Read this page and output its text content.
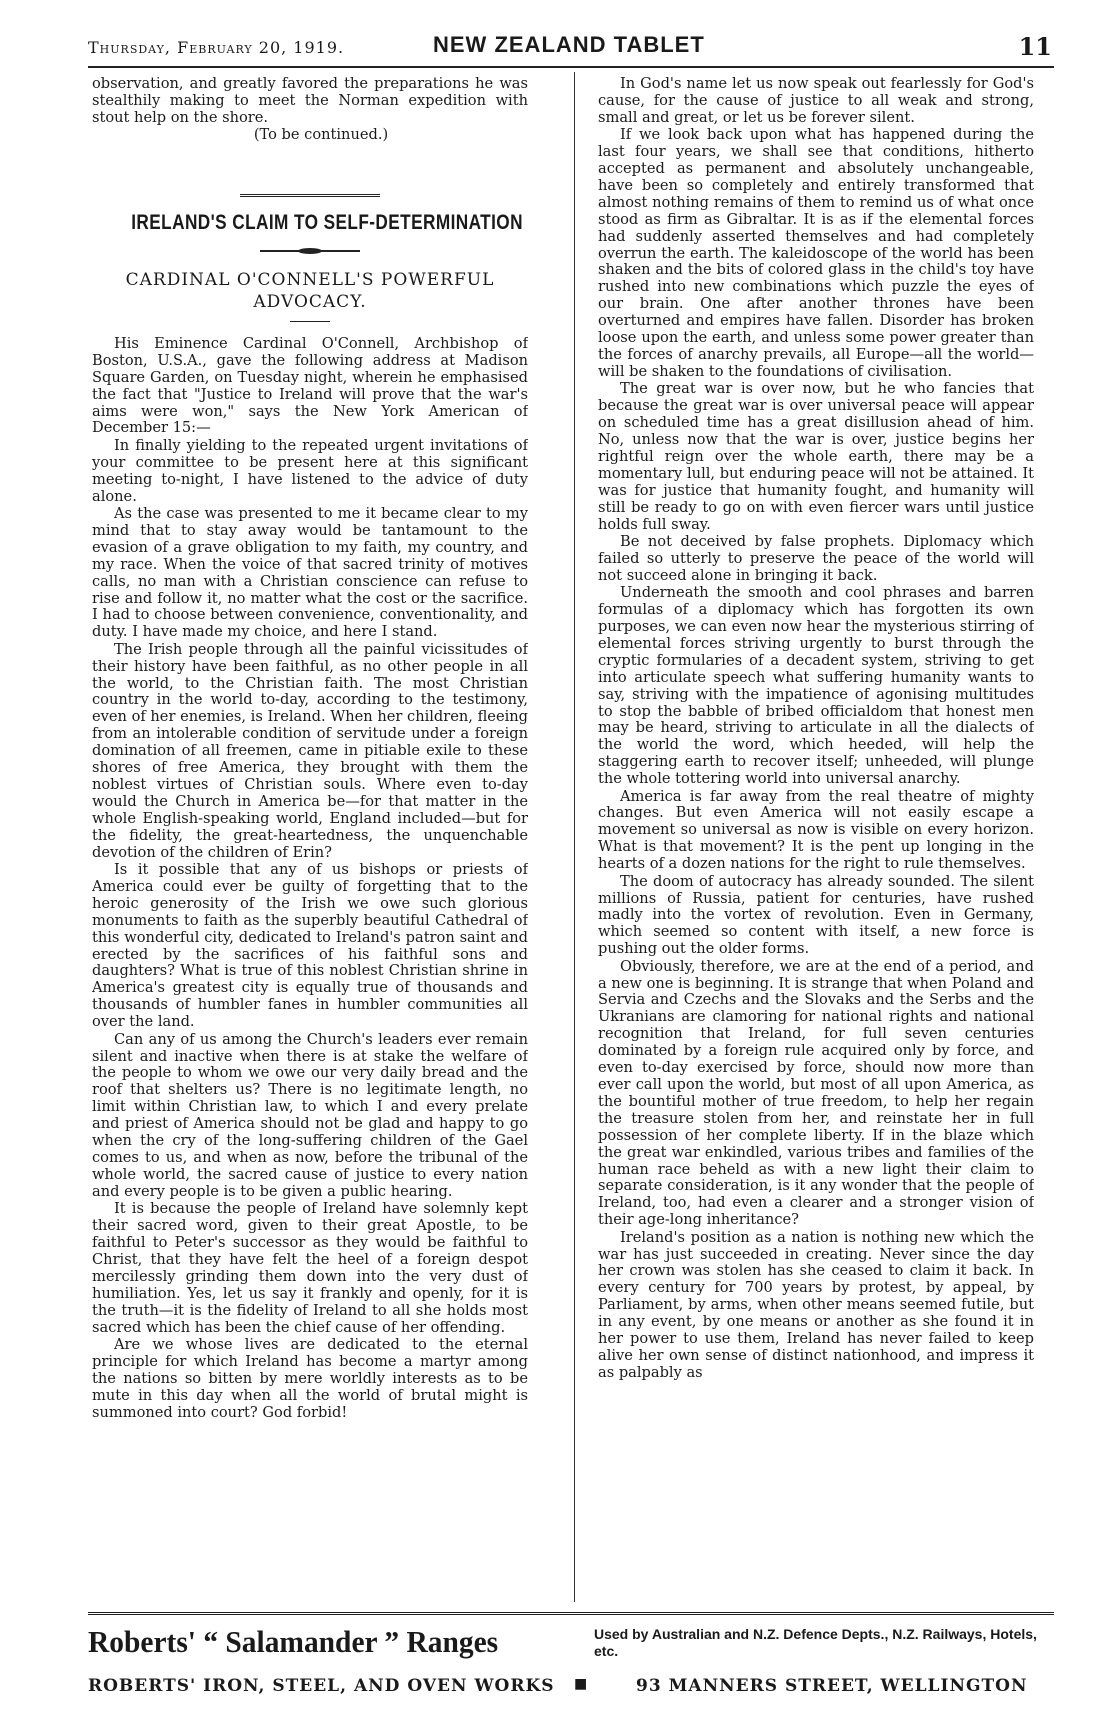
Thursday, February 20, 1919.	NEW ZEALAND TABLET	11

observation, and greatly favored the preparations he was stealthily making to meet the Norman expedition with stout help on the shore.

(To be continued.)

IRELAND'S CLAIM TO SELF-DETERMINATION
CARDINAL O'CONNELL'S POWERFUL ADVOCACY.

His Eminence Cardinal O'Connell, Archbishop of Boston, U.S.A., gave the following address at Madison Square Garden, on Tuesday night, wherein he emphasised the fact that "Justice to Ireland will prove that the war's aims were won," says the New York American of December 15:—

In finally yielding to the repeated urgent invitations of your committee to be present here at this significant meeting to-night, I have listened to the advice of duty alone.

As the case was presented to me it became clear to my mind that to stay away would be tantamount to the evasion of a grave obligation to my faith, my country, and my race. When the voice of that sacred trinity of motives calls, no man with a Christian conscience can refuse to rise and follow it, no matter what the cost or the sacrifice. I had to choose between convenience, conventionality, and duty. I have made my choice, and here I stand.

The Irish people through all the painful vicissitudes of their history have been faithful, as no other people in all the world, to the Christian faith. The most Christian country in the world to-day, according to the testimony, even of her enemies, is Ireland. When her children, fleeing from an intolerable condition of servitude under a foreign domination of all freemen, came in pitiable exile to these shores of free America, they brought with them the noblest virtues of Christian souls. Where even to-day would the Church in America be—for that matter in the whole English-speaking world, England included—but for the fidelity, the great-heartedness, the unquenchable devotion of the children of Erin?

Is it possible that any of us bishops or priests of America could ever be guilty of forgetting that to the heroic generosity of the Irish we owe such glorious monuments to faith as the superbly beautiful Cathedral of this wonderful city, dedicated to Ireland's patron saint and erected by the sacrifices of his faithful sons and daughters? What is true of this noblest Christian shrine in America's greatest city is equally true of thousands and thousands of humbler fanes in humbler communities all over the land.

Can any of us among the Church's leaders ever remain silent and inactive when there is at stake the welfare of the people to whom we owe our very daily bread and the roof that shelters us? There is no legitimate length, no limit within Christian law, to which I and every prelate and priest of America should not be glad and happy to go when the cry of the long-suffering children of the Gael comes to us, and when as now, before the tribunal of the whole world, the sacred cause of justice to every nation and every people is to be given a public hearing.

It is because the people of Ireland have solemnly kept their sacred word, given to their great Apostle, to be faithful to Peter's successor as they would be faithful to Christ, that they have felt the heel of a foreign despot mercilessly grinding them down into the very dust of humiliation. Yes, let us say it frankly and openly, for it is the truth—it is the fidelity of Ireland to all she holds most sacred which has been the chief cause of her offending.

Are we whose lives are dedicated to the eternal principle for which Ireland has become a martyr among the nations so bitten by mere worldly interests as to be mute in this day when all the world of brutal might is summoned into court? God forbid!

In God's name let us now speak out fearlessly for God's cause, for the cause of justice to all weak and strong, small and great, or let us be forever silent.

If we look back upon what has happened during the last four years, we shall see that conditions, hitherto accepted as permanent and absolutely unchangeable, have been so completely and entirely transformed that almost nothing remains of them to remind us of what once stood as firm as Gibraltar. It is as if the elemental forces had suddenly asserted themselves and had completely overrun the earth. The kaleidoscope of the world has been shaken and the bits of colored glass in the child's toy have rushed into new combinations which puzzle the eyes of our brain. One after another thrones have been overturned and empires have fallen. Disorder has broken loose upon the earth, and unless some power greater than the forces of anarchy prevails, all Europe—all the world—will be shaken to the foundations of civilisation.

The great war is over now, but he who fancies that because the great war is over universal peace will appear on scheduled time has a great disillusion ahead of him. No, unless now that the war is over, justice begins her rightful reign over the whole earth, there may be a momentary lull, but enduring peace will not be attained. It was for justice that humanity fought, and humanity will still be ready to go on with even fiercer wars until justice holds full sway.

Be not deceived by false prophets. Diplomacy which failed so utterly to preserve the peace of the world will not succeed alone in bringing it back.

Underneath the smooth and cool phrases and barren formulas of a diplomacy which has forgotten its own purposes, we can even now hear the mysterious stirring of elemental forces striving urgently to burst through the cryptic formularies of a decadent system, striving to get into articulate speech what suffering humanity wants to say, striving with the impatience of agonising multitudes to stop the babble of bribed officialdom that honest men may be heard, striving to articulate in all the dialects of the world the word, which heeded, will help the staggering earth to recover itself; unheeded, will plunge the whole tottering world into universal anarchy.

America is far away from the real theatre of mighty changes. But even America will not easily escape a movement so universal as now is visible on every horizon. What is that movement? It is the pent up longing in the hearts of a dozen nations for the right to rule themselves.

The doom of autocracy has already sounded. The silent millions of Russia, patient for centuries, have rushed madly into the vortex of revolution. Even in Germany, which seemed so content with itself, a new force is pushing out the older forms.

Obviously, therefore, we are at the end of a period, and a new one is beginning. It is strange that when Poland and Servia and Czechs and the Slovaks and the Serbs and the Ukranians are clamoring for national rights and national recognition that Ireland, for full seven centuries dominated by a foreign rule acquired only by force, and even to-day exercised by force, should now more than ever call upon the world, but most of all upon America, as the bountiful mother of true freedom, to help her regain the treasure stolen from her, and reinstate her in full possession of her complete liberty. If in the blaze which the great war enkindled, various tribes and families of the human race beheld as with a new light their claim to separate consideration, is it any wonder that the people of Ireland, too, had even a clearer and a stronger vision of their age-long inheritance?

Ireland's position as a nation is nothing new which the war has just succeeded in creating. Never since the day her crown was stolen has she ceased to claim it back. In every century for 700 years by protest, by appeal, by Parliament, by arms, when other means seemed futile, but in any event, by one means or another as she found it in her power to use them, Ireland has never failed to keep alive her own sense of distinct nationhood, and impress it as palpably as

Roberts' “ Salamander ” Ranges	Used by Australian and N.Z. Defence Depts., N.Z. Railways, Hotels, etc.
ROBERTS' IRON, STEEL, AND OVEN WORKS ■	93 MANNERS STREET, WELLINGTON
